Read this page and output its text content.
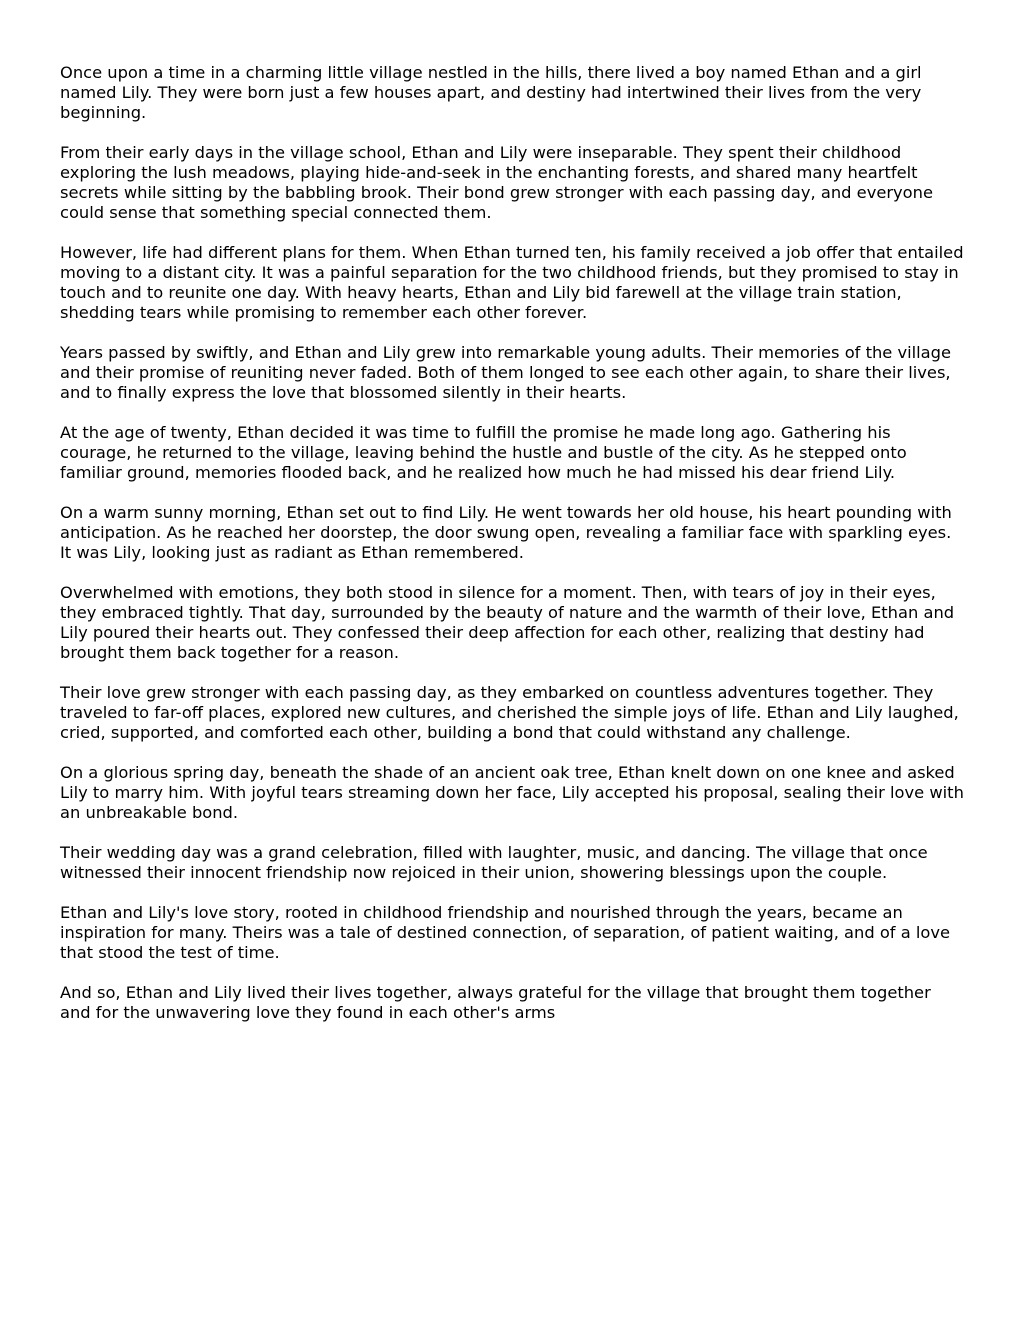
Once upon a time in a charming little village nestled in the hills, there lived a boy named Ethan and a girl named Lily. They were born just a few houses apart, and destiny had intertwined their lives from the very beginning.

From their early days in the village school, Ethan and Lily were inseparable. They spent their childhood exploring the lush meadows, playing hide-and-seek in the enchanting forests, and shared many heartfelt secrets while sitting by the babbling brook. Their bond grew stronger with each passing day, and everyone could sense that something special connected them.

However, life had different plans for them. When Ethan turned ten, his family received a job offer that entailed moving to a distant city. It was a painful separation for the two childhood friends, but they promised to stay in touch and to reunite one day. With heavy hearts, Ethan and Lily bid farewell at the village train station, shedding tears while promising to remember each other forever.

Years passed by swiftly, and Ethan and Lily grew into remarkable young adults. Their memories of the village and their promise of reuniting never faded. Both of them longed to see each other again, to share their lives, and to finally express the love that blossomed silently in their hearts.

At the age of twenty, Ethan decided it was time to fulfill the promise he made long ago. Gathering his courage, he returned to the village, leaving behind the hustle and bustle of the city. As he stepped onto familiar ground, memories flooded back, and he realized how much he had missed his dear friend Lily.

On a warm sunny morning, Ethan set out to find Lily. He went towards her old house, his heart pounding with anticipation. As he reached her doorstep, the door swung open, revealing a familiar face with sparkling eyes. It was Lily, looking just as radiant as Ethan remembered.

Overwhelmed with emotions, they both stood in silence for a moment. Then, with tears of joy in their eyes, they embraced tightly. That day, surrounded by the beauty of nature and the warmth of their love, Ethan and Lily poured their hearts out. They confessed their deep affection for each other, realizing that destiny had brought them back together for a reason.

Their love grew stronger with each passing day, as they embarked on countless adventures together. They traveled to far-off places, explored new cultures, and cherished the simple joys of life. Ethan and Lily laughed, cried, supported, and comforted each other, building a bond that could withstand any challenge.

On a glorious spring day, beneath the shade of an ancient oak tree, Ethan knelt down on one knee and asked Lily to marry him. With joyful tears streaming down her face, Lily accepted his proposal, sealing their love with an unbreakable bond.

Their wedding day was a grand celebration, filled with laughter, music, and dancing. The village that once witnessed their innocent friendship now rejoiced in their union, showering blessings upon the couple.

Ethan and Lily's love story, rooted in childhood friendship and nourished through the years, became an inspiration for many. Theirs was a tale of destined connection, of separation, of patient waiting, and of a love that stood the test of time.

And so, Ethan and Lily lived their lives together, always grateful for the village that brought them together and for the unwavering love they found in each other's arms
